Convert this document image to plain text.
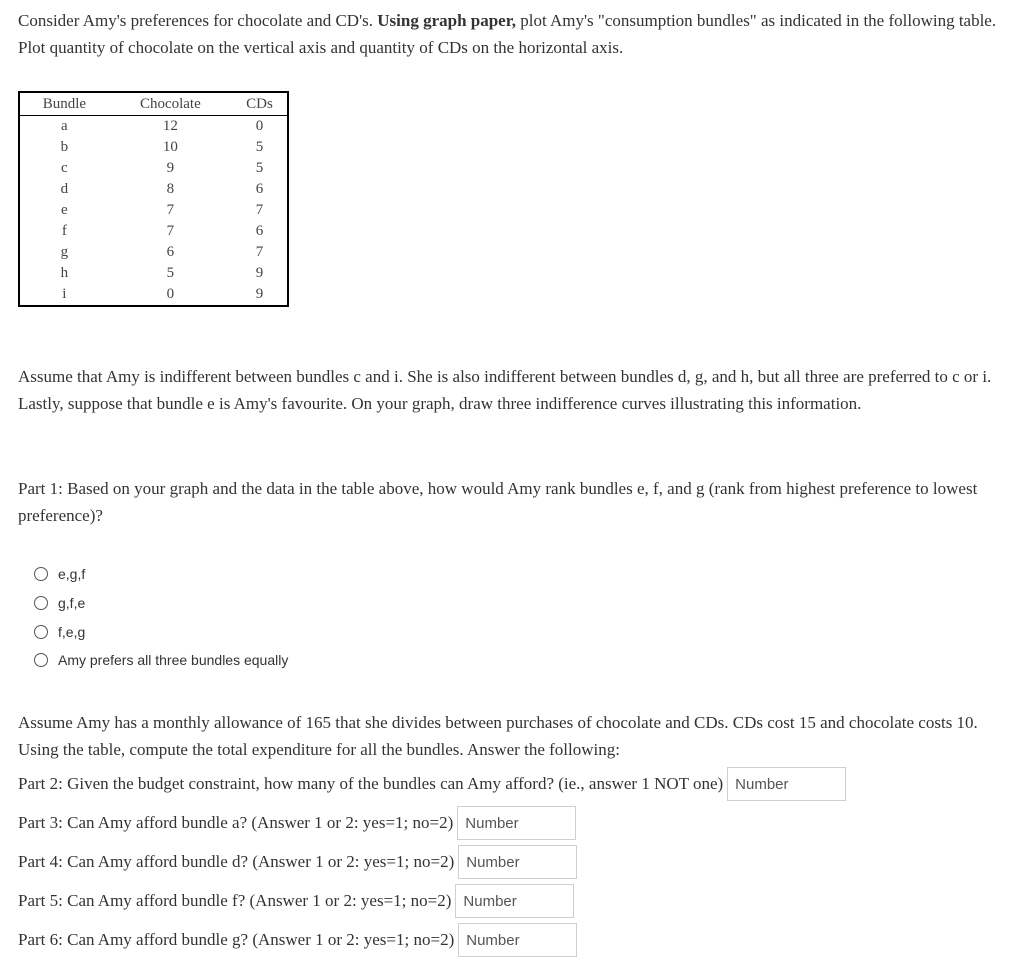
Consider Amy's preferences for chocolate and CD's. Using graph paper, plot Amy's "consumption bundles" as indicated in the following table. Plot quantity of chocolate on the vertical axis and quantity of CDs on the horizontal axis.

Bundle	Chocolate	CDs
a	12	0
b	10	5
c	9	5
d	8	6
e	7	7
f	7	6
g	6	7
h	5	9
i	0	9

Assume that Amy is indifferent between bundles c and i. She is also indifferent between bundles d, g, and h, but all three are preferred to c or i. Lastly, suppose that bundle e is Amy's favourite. On your graph, draw three indifference curves illustrating this information.

Part 1: Based on your graph and the data in the table above, how would Amy rank bundles e, f, and g (rank from highest preference to lowest preference)?

e,g,f
g,f,e
f,e,g
Amy prefers all three bundles equally

Assume Amy has a monthly allowance of 165 that she divides between purchases of chocolate and CDs. CDs cost 15 and chocolate costs 10. Using the table, compute the total expenditure for all the bundles. Answer the following:

Part 2: Given the budget constraint, how many of the bundles can Amy afford? (ie., answer 1 NOT one)
Number
Part 3: Can Amy afford bundle a? (Answer 1 or 2: yes=1; no=2)
Number
Part 4: Can Amy afford bundle d? (Answer 1 or 2: yes=1; no=2)
Number
Part 5: Can Amy afford bundle f? (Answer 1 or 2: yes=1; no=2)
Number
Part 6: Can Amy afford bundle g? (Answer 1 or 2: yes=1; no=2)
Number
